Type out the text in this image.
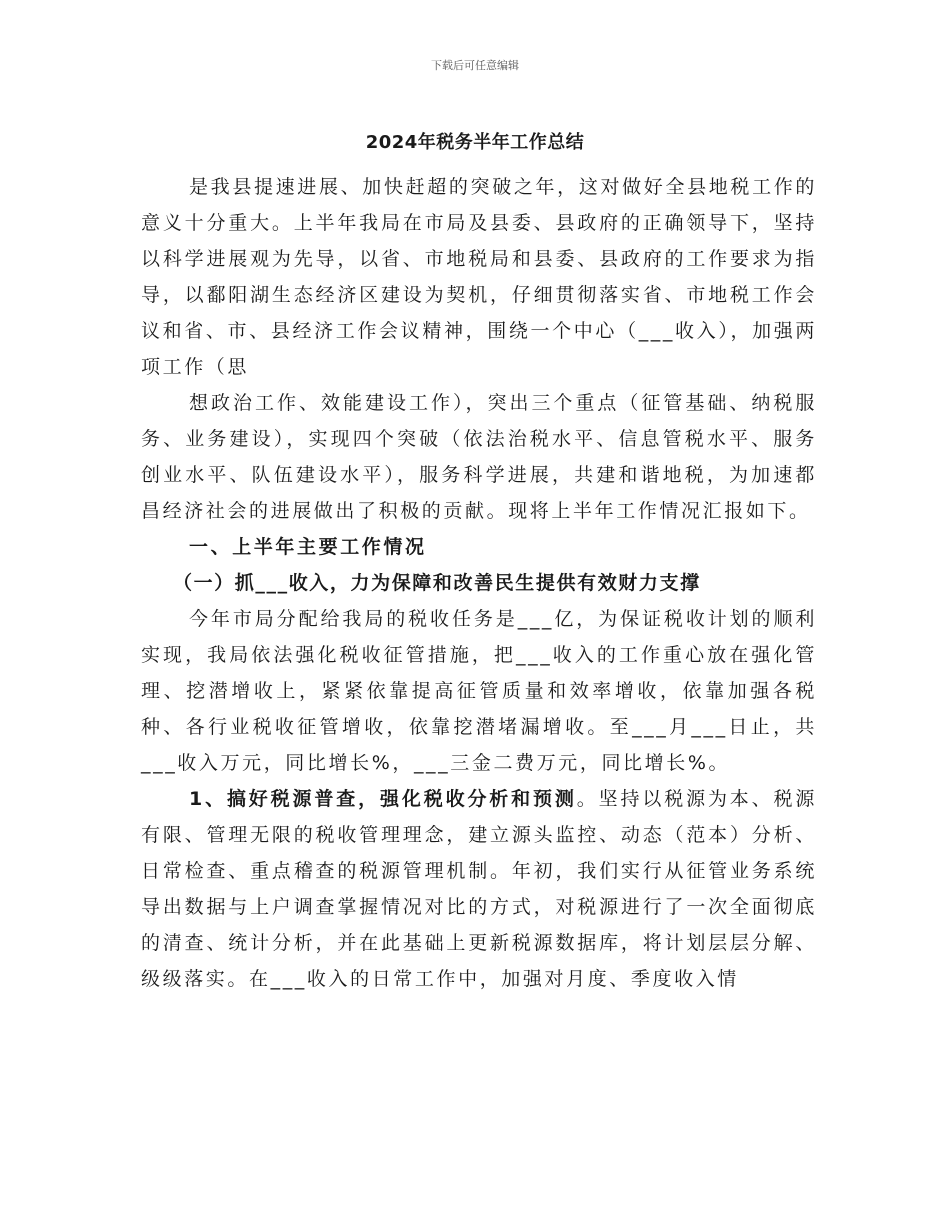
下载后可任意编辑
2024年税务半年工作总结

是我县提速进展、加快赶超的突破之年，这对做好全县地税工作的意义十分重大。上半年我局在市局及县委、县政府的正确领导下，坚持以科学进展观为先导，以省、市地税局和县委、县政府的工作要求为指导，以鄱阳湖生态经济区建设为契机，仔细贯彻落实省、市地税工作会议和省、市、县经济工作会议精神，围绕一个中心（___收入），加强两项工作（思

想政治工作、效能建设工作），突出三个重点（征管基础、纳税服务、业务建设），实现四个突破（依法治税水平、信息管税水平、服务创业水平、队伍建设水平），服务科学进展，共建和谐地税，为加速都昌经济社会的进展做出了积极的贡献。现将上半年工作情况汇报如下。

一、上半年主要工作情况

（一）抓___收入，力为保障和改善民生提供有效财力支撑

今年市局分配给我局的税收任务是___亿，为保证税收计划的顺利实现，我局依法强化税收征管措施，把___收入的工作重心放在强化管理、挖潜增收上，紧紧依靠提高征管质量和效率增收，依靠加强各税种、各行业税收征管增收，依靠挖潜堵漏增收。至___月___日止，共___收入万元，同比增长%，___三金二费万元，同比增长%。

1、搞好税源普查，强化税收分析和预测。坚持以税源为本、税源有限、管理无限的税收管理理念，建立源头监控、动态（范本）分析、日常检查、重点稽查的税源管理机制。年初，我们实行从征管业务系统导出数据与上户调查掌握情况对比的方式，对税源进行了一次全面彻底的清查、统计分析，并在此基础上更新税源数据库，将计划层层分解、级级落实。在___收入的日常工作中，加强对月度、季度收入情
